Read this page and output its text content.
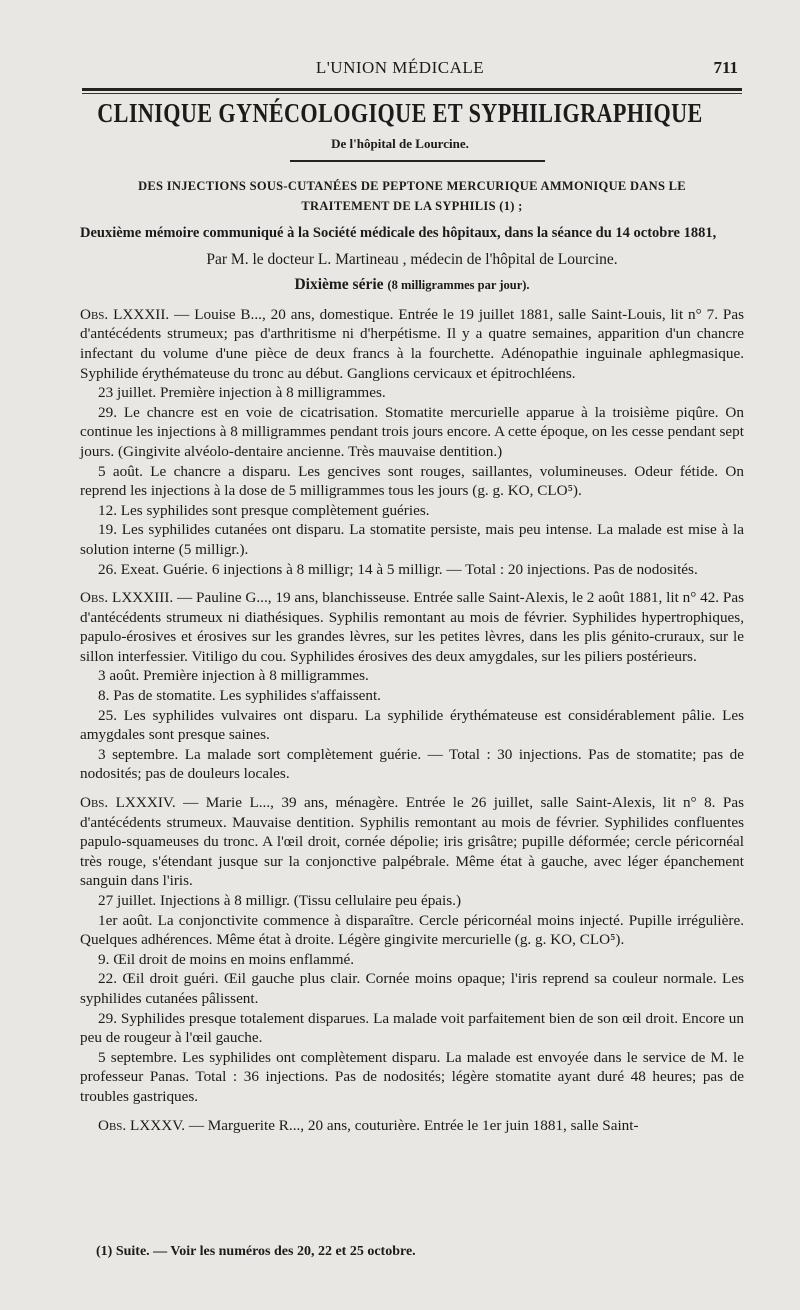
L'UNION MÉDICALE	711
CLINIQUE GYNÉCOLOGIQUE ET SYPHILIGRAPHIQUE
De l'hôpital de Lourcine.
DES INJECTIONS SOUS-CUTANÉES DE PEPTONE MERCURIQUE AMMONIQUE DANS LE
TRAITEMENT DE LA SYPHILIS (1) ;
Deuxième mémoire communiqué à la Société médicale des hôpitaux, dans la séance du 14 octobre 1881,
Par M. le docteur L. Martineau , médecin de l'hôpital de Lourcine.
Dixième série (8 milligrammes par jour).

Obs. LXXXII. — Louise B..., 20 ans, domestique. Entrée le 19 juillet 1881, salle Saint-Louis, lit n° 7. Pas d'antécédents strumeux; pas d'arthritisme ni d'herpétisme. Il y a quatre semaines, apparition d'un chancre infectant du volume d'une pièce de deux francs à la fourchette. Adénopathie inguinale aphlegmasique. Syphilide érythémateuse du tronc au début. Ganglions cervicaux et épitrochléens.

23 juillet. Première injection à 8 milligrammes.

29. Le chancre est en voie de cicatrisation. Stomatite mercurielle apparue à la troisième piqûre. On continue les injections à 8 milligrammes pendant trois jours encore. A cette époque, on les cesse pendant sept jours. (Gingivite alvéolo-dentaire ancienne. Très mauvaise dentition.)

5 août. Le chancre a disparu. Les gencives sont rouges, saillantes, volumineuses. Odeur fétide. On reprend les injections à la dose de 5 milligrammes tous les jours (g. g. KO, CLO⁵).

12. Les syphilides sont presque complètement guéries.

19. Les syphilides cutanées ont disparu. La stomatite persiste, mais peu intense. La malade est mise à la solution interne (5 milligr.).

26. Exeat. Guérie. 6 injections à 8 milligr; 14 à 5 milligr. — Total : 20 injections. Pas de nodosités.

Obs. LXXXIII. — Pauline G..., 19 ans, blanchisseuse. Entrée salle Saint-Alexis, le 2 août 1881, lit n° 42. Pas d'antécédents strumeux ni diathésiques. Syphilis remontant au mois de février. Syphilides hypertrophiques, papulo-érosives et érosives sur les grandes lèvres, sur les petites lèvres, dans les plis génito-cruraux, sur le sillon interfessier. Vitiligo du cou. Syphilides érosives des deux amygdales, sur les piliers postérieurs.

3 août. Première injection à 8 milligrammes.

8. Pas de stomatite. Les syphilides s'affaissent.

25. Les syphilides vulvaires ont disparu. La syphilide érythémateuse est considérablement pâlie. Les amygdales sont presque saines.

3 septembre. La malade sort complètement guérie. — Total : 30 injections. Pas de stomatite; pas de nodosités; pas de douleurs locales.

Obs. LXXXIV. — Marie L..., 39 ans, ménagère. Entrée le 26 juillet, salle Saint-Alexis, lit n° 8. Pas d'antécédents strumeux. Mauvaise dentition. Syphilis remontant au mois de février. Syphilides confluentes papulo-squameuses du tronc. A l'œil droit, cornée dépolie; iris grisâtre; pupille déformée; cercle péricornéal très rouge, s'étendant jusque sur la conjonctive palpébrale. Même état à gauche, avec léger épanchement sanguin dans l'iris.

27 juillet. Injections à 8 milligr. (Tissu cellulaire peu épais.)

1er août. La conjonctivite commence à disparaître. Cercle péricornéal moins injecté. Pupille irrégulière. Quelques adhérences. Même état à droite. Légère gingivite mercurielle (g. g. KO, CLO⁵).

9. Œil droit de moins en moins enflammé.

22. Œil droit guéri. Œil gauche plus clair. Cornée moins opaque; l'iris reprend sa couleur normale. Les syphilides cutanées pâlissent.

29. Syphilides presque totalement disparues. La malade voit parfaitement bien de son œil droit. Encore un peu de rougeur à l'œil gauche.

5 septembre. Les syphilides ont complètement disparu. La malade est envoyée dans le service de M. le professeur Panas. Total : 36 injections. Pas de nodosités; légère stomatite ayant duré 48 heures; pas de troubles gastriques.

Obs. LXXXV. — Marguerite R..., 20 ans, couturière. Entrée le 1er juin 1881, salle Saint-

(1) Suite. — Voir les numéros des 20, 22 et 25 octobre.
